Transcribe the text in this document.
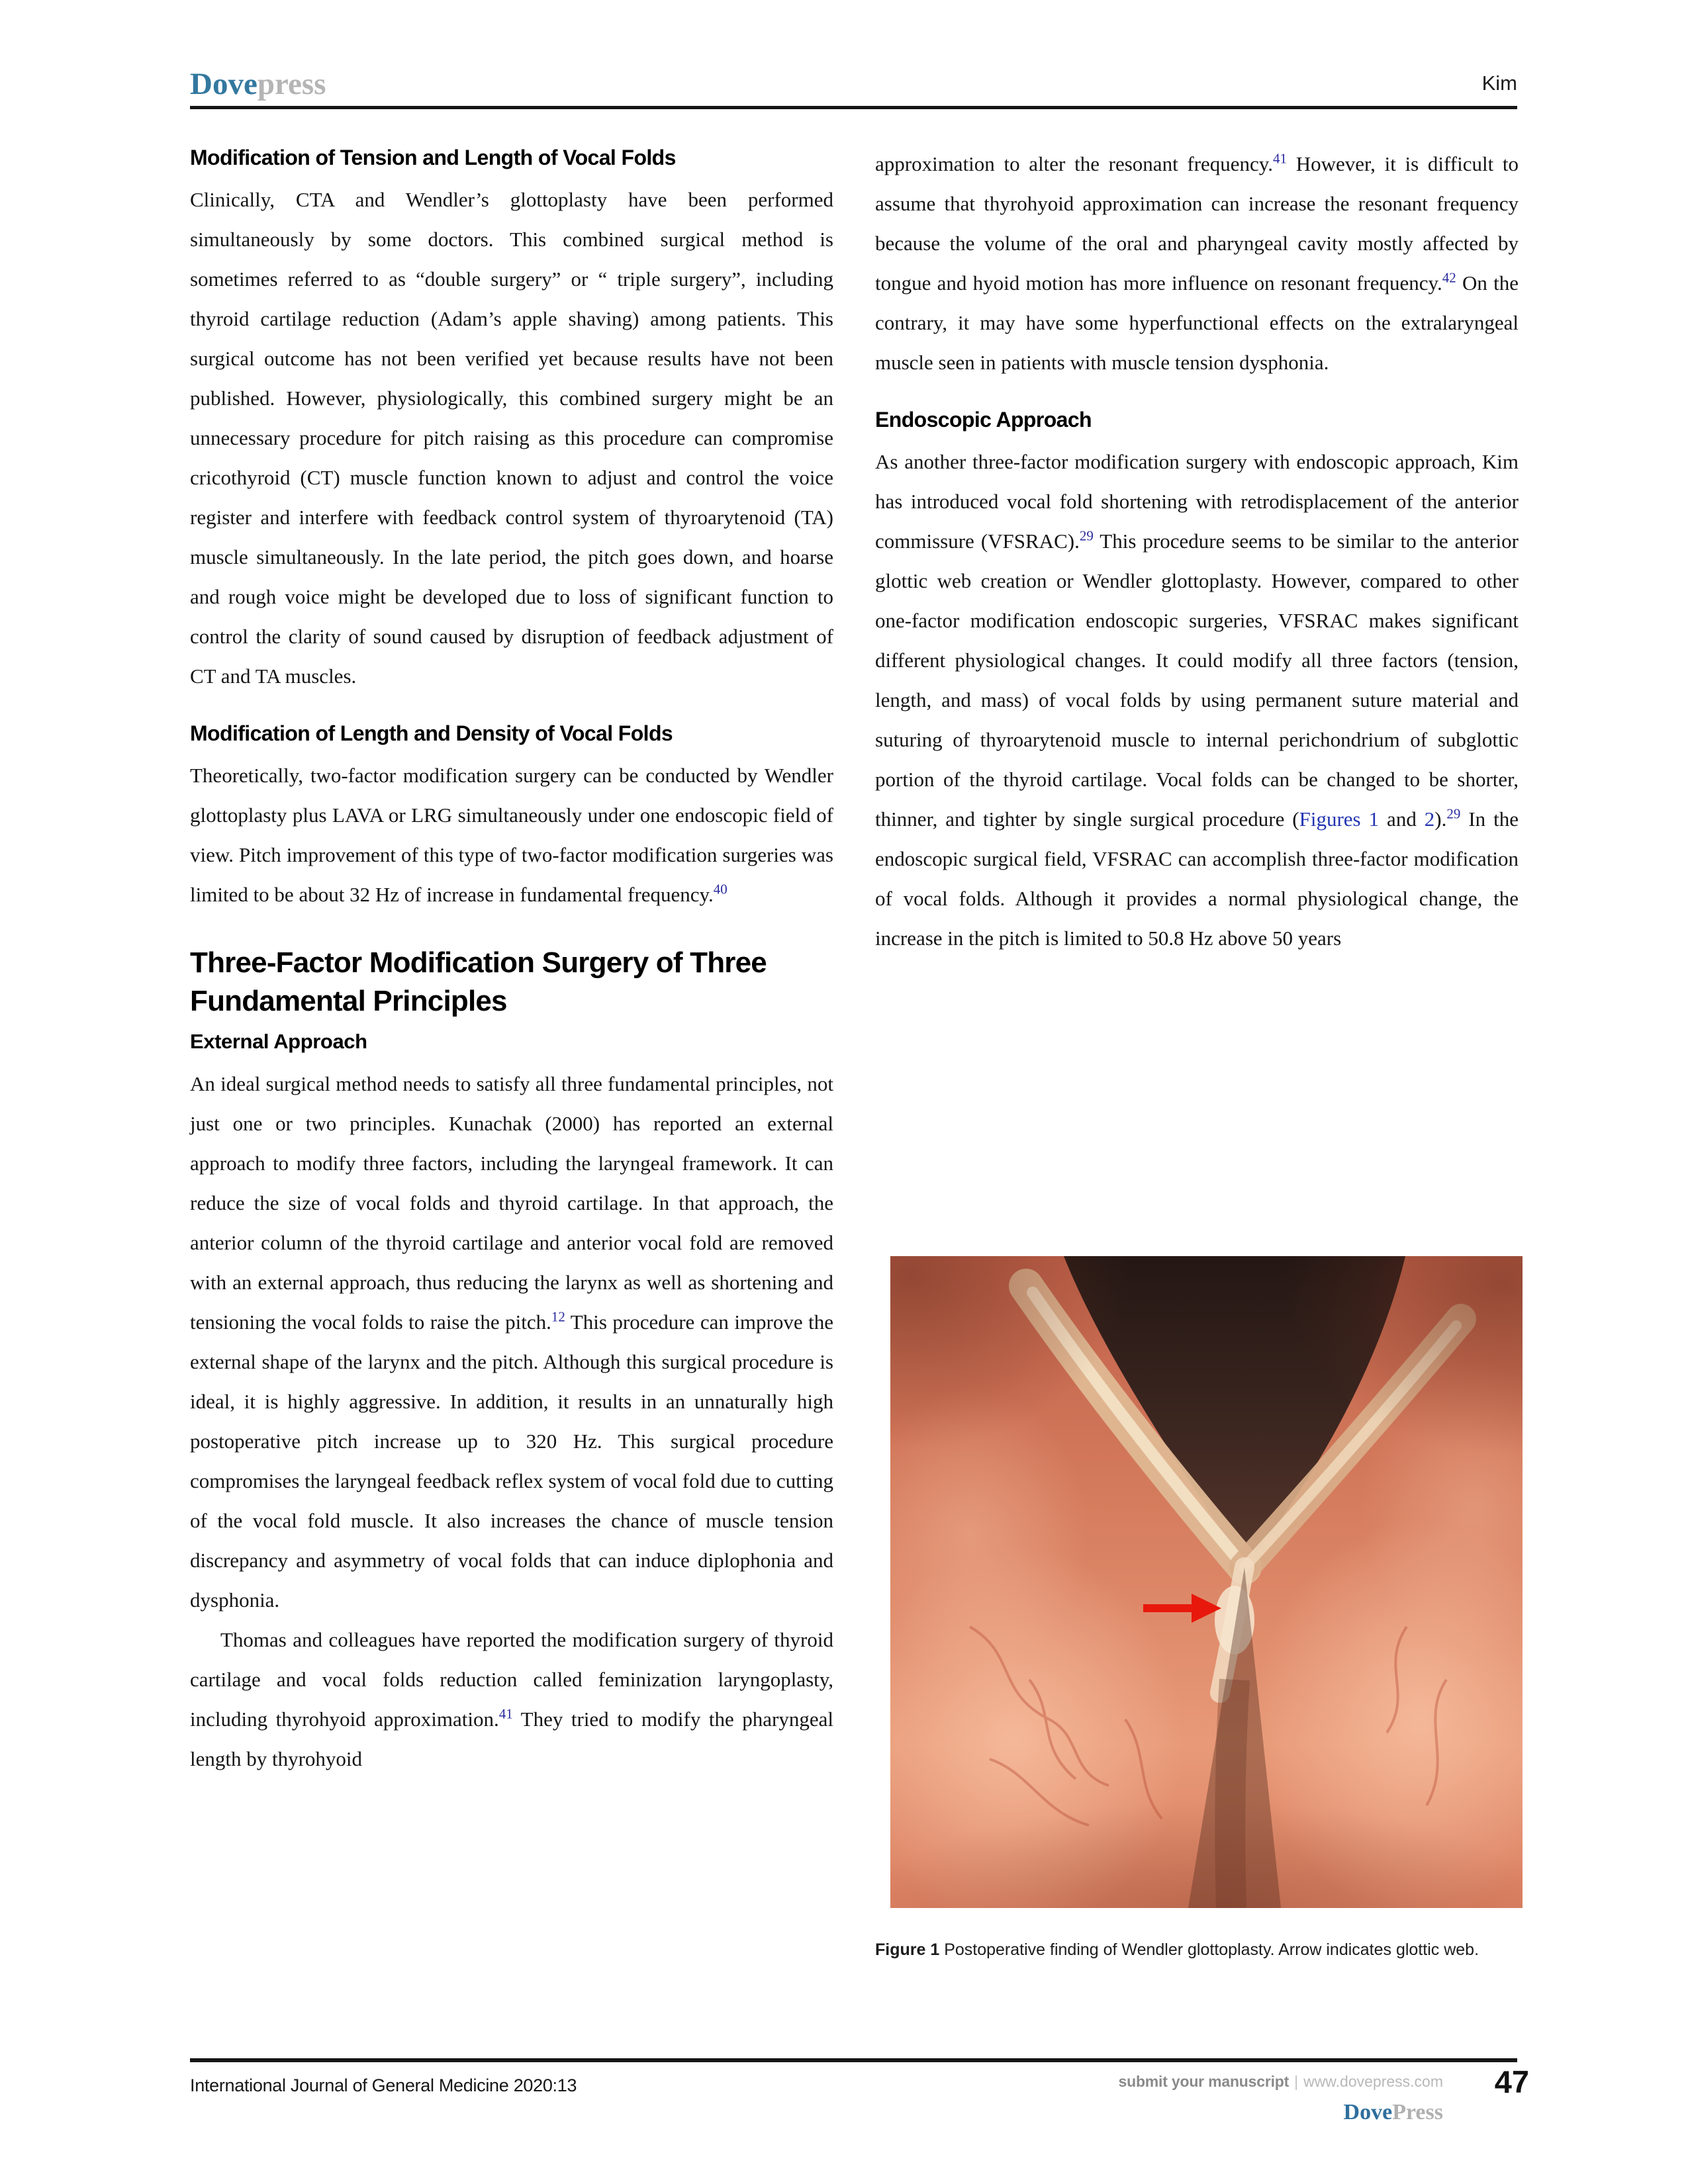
Dovepress	Kim
Modification of Tension and Length of Vocal Folds

Clinically, CTA and Wendler’s glottoplasty have been performed simultaneously by some doctors. This combined surgical method is sometimes referred to as “double surgery” or “ triple surgery”, including thyroid cartilage reduction (Adam’s apple shaving) among patients. This surgical outcome has not been verified yet because results have not been published. However, physiologically, this combined surgery might be an unnecessary procedure for pitch raising as this procedure can compromise cricothyroid (CT) muscle function known to adjust and control the voice register and interfere with feedback control system of thyroarytenoid (TA) muscle simultaneously. In the late period, the pitch goes down, and hoarse and rough voice might be developed due to loss of significant function to control the clarity of sound caused by disruption of feedback adjustment of CT and TA muscles.

Modification of Length and Density of Vocal Folds

Theoretically, two-factor modification surgery can be conducted by Wendler glottoplasty plus LAVA or LRG simultaneously under one endoscopic field of view. Pitch improvement of this type of two-factor modification surgeries was limited to be about 32 Hz of increase in fundamental frequency.$^{40}$

Three-Factor Modification Surgery of Three Fundamental Principles
External Approach

An ideal surgical method needs to satisfy all three fundamental principles, not just one or two principles. Kunachak (2000) has reported an external approach to modify three factors, including the laryngeal framework. It can reduce the size of vocal folds and thyroid cartilage. In that approach, the anterior column of the thyroid cartilage and anterior vocal fold are removed with an external approach, thus reducing the larynx as well as shortening and tensioning the vocal folds to raise the pitch.$^{12}$ This procedure can improve the external shape of the larynx and the pitch. Although this surgical procedure is ideal, it is highly aggressive. In addition, it results in an unnaturally high postoperative pitch increase up to 320 Hz. This surgical procedure compromises the laryngeal feedback reflex system of vocal fold due to cutting of the vocal fold muscle. It also increases the chance of muscle tension discrepancy and asymmetry of vocal folds that can induce diplophonia and dysphonia.

Thomas and colleagues have reported the modification surgery of thyroid cartilage and vocal folds reduction called feminization laryngoplasty, including thyrohyoid approximation.$^{41}$ They tried to modify the pharyngeal length by thyrohyoid

approximation to alter the resonant frequency.$^{41}$ However, it is difficult to assume that thyrohyoid approximation can increase the resonant frequency because the volume of the oral and pharyngeal cavity mostly affected by tongue and hyoid motion has more influence on resonant frequency.$^{42}$ On the contrary, it may have some hyperfunctional effects on the extralaryngeal muscle seen in patients with muscle tension dysphonia.

Endoscopic Approach

As another three-factor modification surgery with endoscopic approach, Kim has introduced vocal fold shortening with retrodisplacement of the anterior commissure (VFSRAC).$^{29}$ This procedure seems to be similar to the anterior glottic web creation or Wendler glottoplasty. However, compared to other one-factor modification endoscopic surgeries, VFSRAC makes significant different physiological changes. It could modify all three factors (tension, length, and mass) of vocal folds by using permanent suture material and suturing of thyroarytenoid muscle to internal perichondrium of subglottic portion of the thyroid cartilage. Vocal folds can be changed to be shorter, thinner, and tighter by single surgical procedure (Figures 1 and 2).$^{29}$ In the endoscopic surgical field, VFSRAC can accomplish three-factor modification of vocal folds. Although it provides a normal physiological change, the increase in the pitch is limited to 50.8 Hz above 50 years

Figure 1 Postoperative finding of Wendler glottoplasty. Arrow indicates glottic web.
International Journal of General Medicine 2020:13	submit your manuscript | www.dovepress.com
DovePress
47
